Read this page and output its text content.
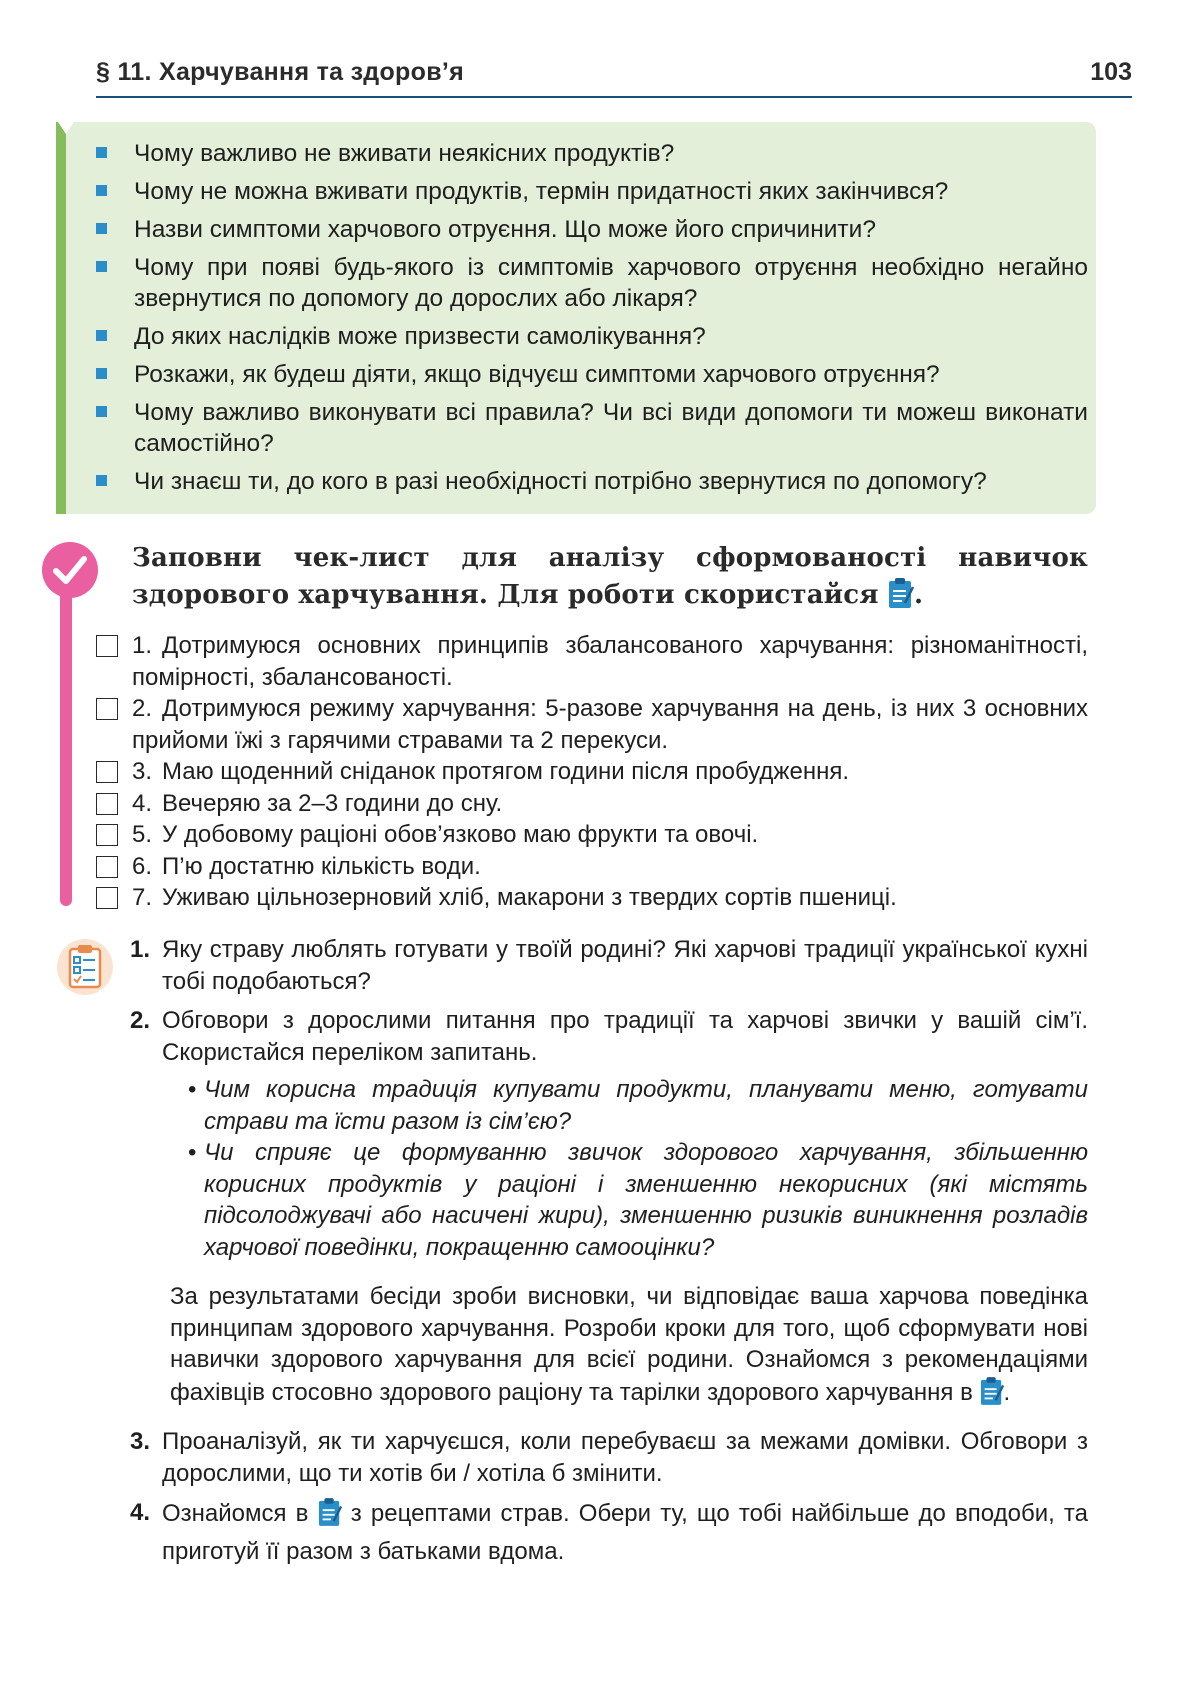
§ 11. Харчування та здоров’я	103
Чому важливо не вживати неякісних продуктів?
Чому не можна вживати продуктів, термін придатності яких закінчився?
Назви симптоми харчового отруєння. Що може його спричинити?
Чому при появі будь-якого із симптомів харчового отруєння необхідно негайно звернутися по допомогу до дорослих або лікаря?
До яких наслідків може призвести самолікування?
Розкажи, як будеш діяти, якщо відчуєш симптоми харчового отруєння?
Чому важливо виконувати всі правила? Чи всі види допомоги ти можеш виконати самостійно?
Чи знаєш ти, до кого в разі необхідності потрібно звернутися по допомогу?
Заповни чек-лист для аналізу сформованості навичок здорового харчування. Для роботи скористайся .
1. Дотримуюся основних принципів збалансованого харчування: різноманітності, помірності, збалансованості.
2. Дотримуюся режиму харчування: 5-разове харчування на день, із них 3 основних прийоми їжі з гарячими стравами та 2 перекуси.
3. Маю щоденний сніданок протягом години після пробудження.
4. Вечеряю за 2–3 години до сну.
5. У добовому раціоні обов’язково маю фрукти та овочі.
6. П’ю достатню кількість води.
7. Уживаю цільнозерновий хліб, макарони з твердих сортів пшениці.
1. Яку страву люблять готувати у твоїй родині? Які харчові традиції української кухні тобі подобаються?
2. Обговори з дорослими питання про традиції та харчові звички у вашій сім’ї. Скористайся переліком запитань.
• Чим корисна традиція купувати продукти, планувати меню, готувати страви та їсти разом із сім’єю?
• Чи сприяє це формуванню звичок здорового харчування, збільшенню корисних продуктів у раціоні і зменшенню некорисних (які містять підсолоджувачі або насичені жири), зменшенню ризиків виникнення розладів харчової поведінки, покращенню самооцінки?
За результатами бесіди зроби висновки, чи відповідає ваша харчова поведінка принципам здорового харчування. Розроби кроки для того, щоб сформувати нові навички здорового харчування для всієї родини. Ознайомся з рекомендаціями фахівців стосовно здорового раціону та тарілки здорового харчування в .
3. Проаналізуй, як ти харчуєшся, коли перебуваєш за межами домівки. Обговори з дорослими, що ти хотів би / хотіла б змінити.
4. Ознайомся в з рецептами страв. Обери ту, що тобі найбільше до вподоби, та приготуй її разом з батьками вдома.
